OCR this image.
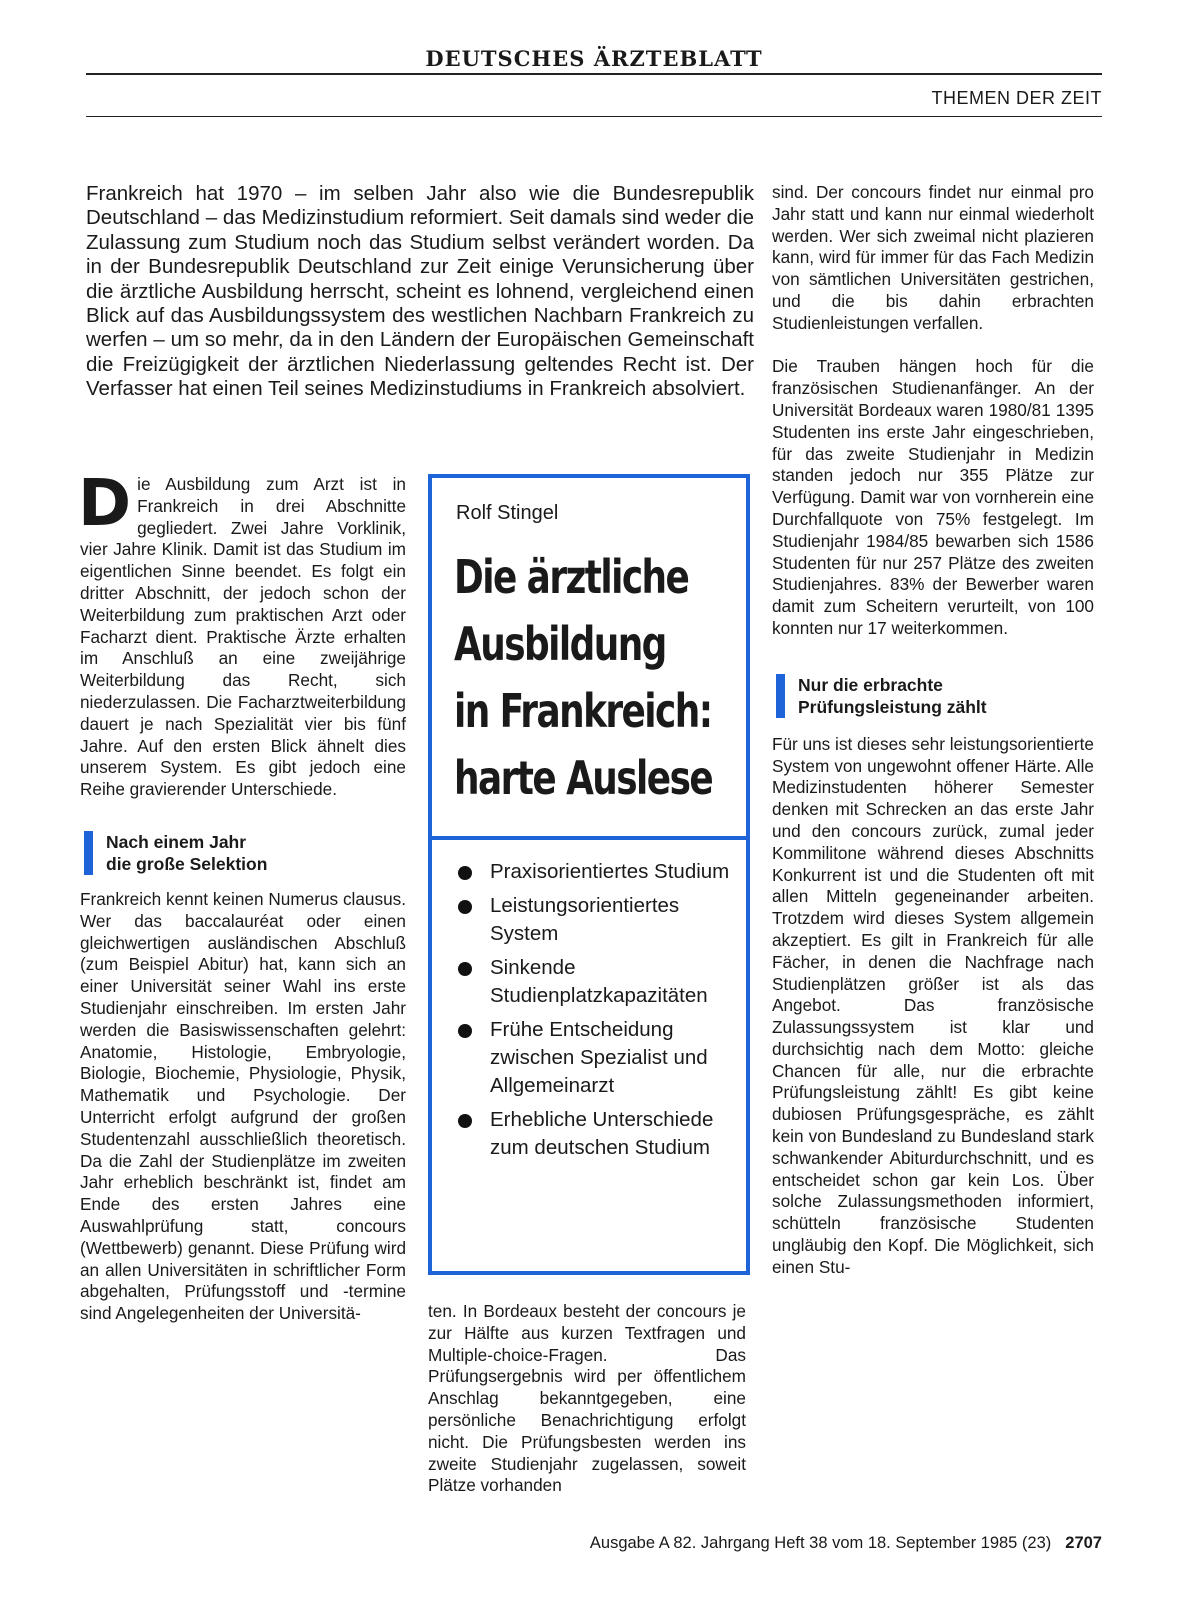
DEUTSCHES ÄRZTEBLATT
THEMEN DER ZEIT
Frankreich hat 1970 – im selben Jahr also wie die Bundesrepublik Deutschland – das Medizinstudium reformiert. Seit damals sind weder die Zulassung zum Studium noch das Studium selbst verändert worden. Da in der Bundesrepublik Deutschland zur Zeit einige Verunsicherung über die ärztliche Ausbildung herrscht, scheint es lohnend, vergleichend einen Blick auf das Ausbildungssystem des westlichen Nachbarn Frankreich zu werfen – um so mehr, da in den Ländern der Europäischen Gemeinschaft die Freizügigkeit der ärztlichen Niederlassung geltendes Recht ist. Der Verfasser hat einen Teil seines Medizinstudiums in Frankreich absolviert.

Die Ausbildung zum Arzt ist in Frankreich in drei Abschnitte gegliedert. Zwei Jahre Vorklinik, vier Jahre Klinik. Damit ist das Studium im eigentlichen Sinne beendet. Es folgt ein dritter Abschnitt, der jedoch schon der Weiterbildung zum praktischen Arzt oder Facharzt dient. Praktische Ärzte erhalten im Anschluß an eine zweijährige Weiterbildung das Recht, sich niederzulassen. Die Facharztweiterbildung dauert je nach Spezialität vier bis fünf Jahre. Auf den ersten Blick ähnelt dies unserem System. Es gibt jedoch eine Reihe gravierender Unterschiede.

Nach einem Jahr
die große Selektion

Frankreich kennt keinen Numerus clausus. Wer das baccalauréat oder einen gleichwertigen ausländischen Abschluß (zum Beispiel Abitur) hat, kann sich an einer Universität seiner Wahl ins erste Studienjahr einschreiben. Im ersten Jahr werden die Basiswissenschaften gelehrt: Anatomie, Histologie, Embryologie, Biologie, Biochemie, Physiologie, Physik, Mathematik und Psychologie. Der Unterricht erfolgt aufgrund der großen Studentenzahl ausschließlich theoretisch. Da die Zahl der Studienplätze im zweiten Jahr erheblich beschränkt ist, findet am Ende des ersten Jahres eine Auswahlprüfung statt, concours (Wettbewerb) genannt. Diese Prüfung wird an allen Universitäten in schriftlicher Form abgehalten, Prüfungsstoff und -termine sind Angelegenheiten der Universitä-

Rolf Stingel
Die ärztliche
Ausbildung
in Frankreich:
harte Auslese
Praxisorientiertes Studium
Leistungsorientiertes System
Sinkende Studienplatzkapazitäten
Frühe Entscheidung zwischen Spezialist und Allgemeinarzt
Erhebliche Unterschiede zum deutschen Studium

ten. In Bordeaux besteht der concours je zur Hälfte aus kurzen Textfragen und Multiple-choice-Fragen. Das Prüfungsergebnis wird per öffentlichem Anschlag bekanntgegeben, eine persönliche Benachrichtigung erfolgt nicht. Die Prüfungsbesten werden ins zweite Studienjahr zugelassen, soweit Plätze vorhanden

sind. Der concours findet nur einmal pro Jahr statt und kann nur einmal wiederholt werden. Wer sich zweimal nicht plazieren kann, wird für immer für das Fach Medizin von sämtlichen Universitäten gestrichen, und die bis dahin erbrachten Studienleistungen verfallen.

Die Trauben hängen hoch für die französischen Studienanfänger. An der Universität Bordeaux waren 1980/81 1395 Studenten ins erste Jahr eingeschrieben, für das zweite Studienjahr in Medizin standen jedoch nur 355 Plätze zur Verfügung. Damit war von vornherein eine Durchfallquote von 75% festgelegt. Im Studienjahr 1984/85 bewarben sich 1586 Studenten für nur 257 Plätze des zweiten Studienjahres. 83% der Bewerber waren damit zum Scheitern verurteilt, von 100 konnten nur 17 weiterkommen.

Nur die erbrachte
Prüfungsleistung zählt

Für uns ist dieses sehr leistungsorientierte System von ungewohnt offener Härte. Alle Medizinstudenten höherer Semester denken mit Schrecken an das erste Jahr und den concours zurück, zumal jeder Kommilitone während dieses Abschnitts Konkurrent ist und die Studenten oft mit allen Mitteln gegeneinander arbeiten. Trotzdem wird dieses System allgemein akzeptiert. Es gilt in Frankreich für alle Fächer, in denen die Nachfrage nach Studienplätzen größer ist als das Angebot. Das französische Zulassungssystem ist klar und durchsichtig nach dem Motto: gleiche Chancen für alle, nur die erbrachte Prüfungsleistung zählt! Es gibt keine dubiosen Prüfungsgespräche, es zählt kein von Bundesland zu Bundesland stark schwankender Abiturdurchschnitt, und es entscheidet schon gar kein Los. Über solche Zulassungsmethoden informiert, schütteln französische Studenten ungläubig den Kopf. Die Möglichkeit, sich einen Stu-

Ausgabe A 82. Jahrgang Heft 38 vom 18. September 1985 (23) 2707
